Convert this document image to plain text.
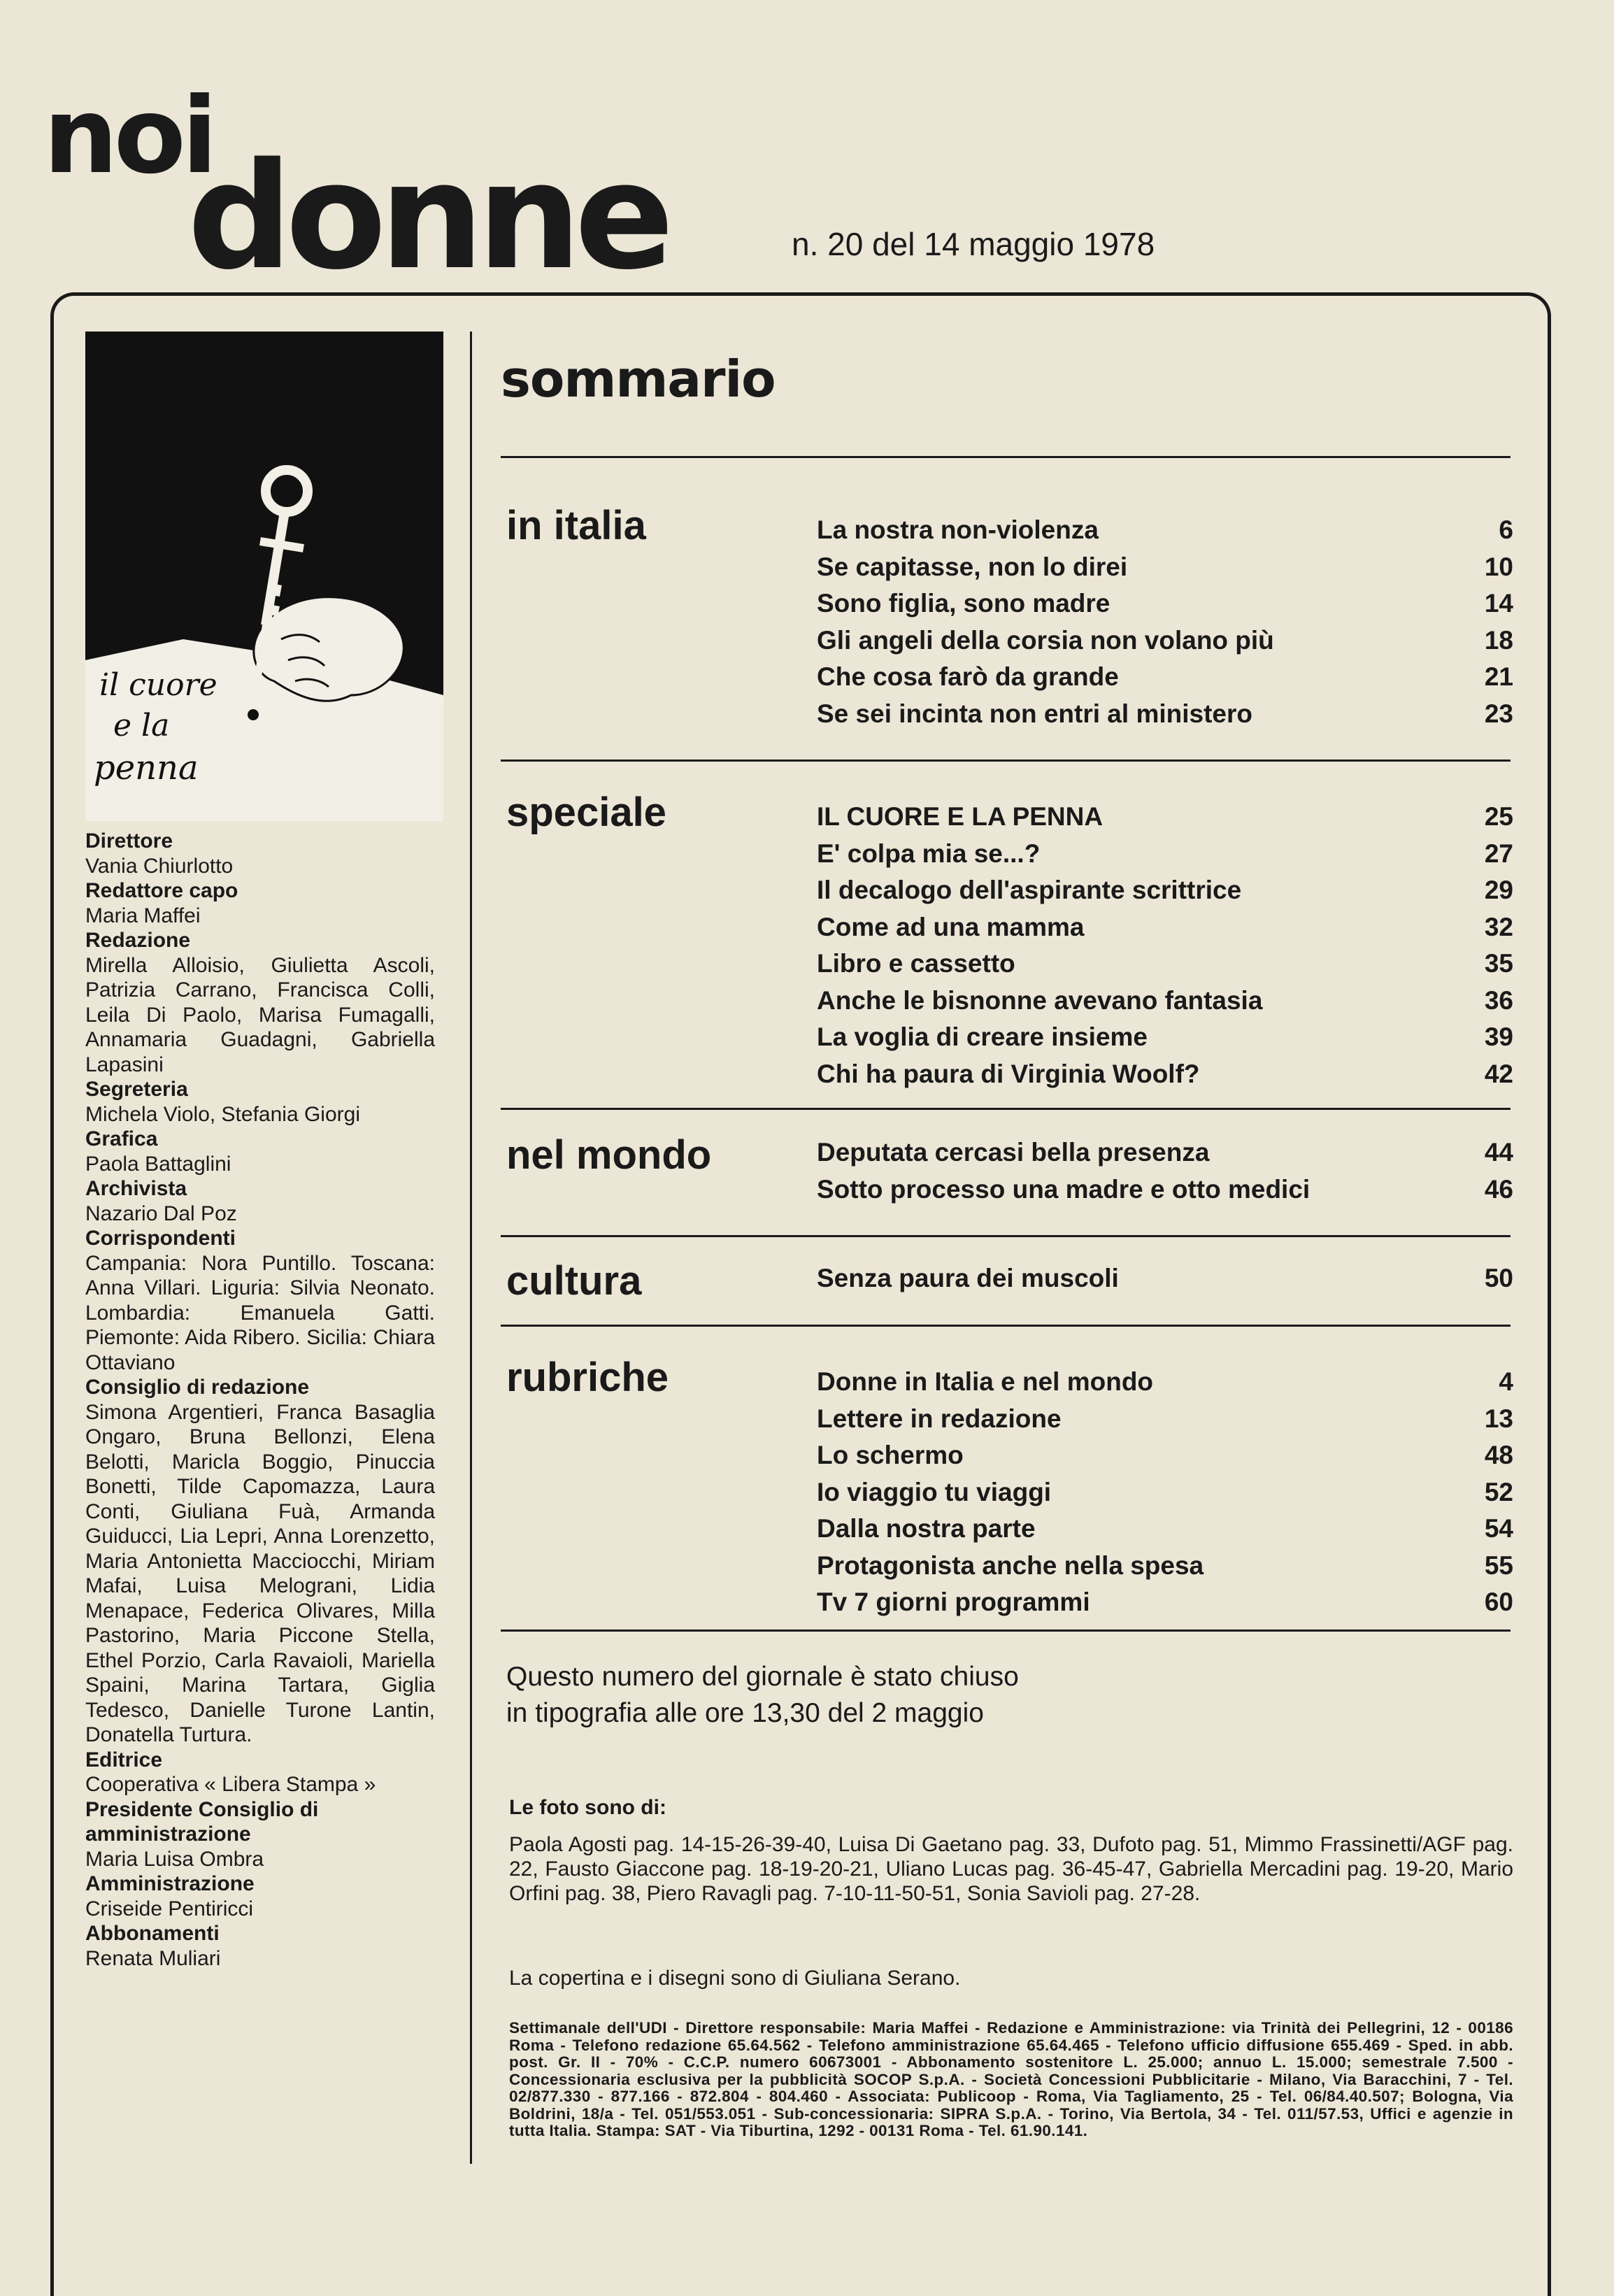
noi
donne	n. 20 del 14 maggio 1978
il cuore
e la
penna
Direttore
Vania Chiurlotto
Redattore capo
Maria Maffei
Redazione
Mirella Alloisio, Giulietta Ascoli, Patrizia Carrano, Francisca Colli, Leila Di Paolo, Marisa Fumagalli, Annamaria Guadagni, Gabriella Lapasini
Segreteria
Michela Violo, Stefania Giorgi
Grafica
Paola Battaglini
Archivista
Nazario Dal Poz
Corrispondenti
Campania: Nora Puntillo. Toscana: Anna Villari. Liguria: Silvia Neonato. Lombardia: Emanuela Gatti. Piemonte: Aida Ribero. Sicilia: Chiara Ottaviano
Consiglio di redazione
Simona Argentieri, Franca Basaglia Ongaro, Bruna Bellonzi, Elena Belotti, Maricla Boggio, Pinuccia Bonetti, Tilde Capomazza, Laura Conti, Giuliana Fuà, Armanda Guiducci, Lia Lepri, Anna Lorenzetto, Maria Antonietta Macciocchi, Miriam Mafai, Luisa Melograni, Lidia Menapace, Federica Olivares, Milla Pastorino, Maria Piccone Stella, Ethel Porzio, Carla Ravaioli, Mariella Spaini, Marina Tartara, Giglia Tedesco, Danielle Turone Lantin, Donatella Turtura.
Editrice
Cooperativa « Libera Stampa »
Presidente Consiglio di amministrazione
Maria Luisa Ombra
Amministrazione
Criseide Pentiricci
Abbonamenti
Renata Muliari
sommario
in italia	La nostra non-violenza	6
Se capitasse, non lo direi	10
Sono figlia, sono madre	14
Gli angeli della corsia non volano più	18
Che cosa farò da grande	21
Se sei incinta non entri al ministero	23
speciale	IL CUORE E LA PENNA	25
E' colpa mia se...?	27
Il decalogo dell'aspirante scrittrice	29
Come ad una mamma	32
Libro e cassetto	35
Anche le bisnonne avevano fantasia	36
La voglia di creare insieme	39
Chi ha paura di Virginia Woolf?	42
nel mondo	Deputata cercasi bella presenza	44
Sotto processo una madre e otto medici	46
cultura	Senza paura dei muscoli	50
rubriche	Donne in Italia e nel mondo	4
Lettere in redazione	13
Lo schermo	48
Io viaggio tu viaggi	52
Dalla nostra parte	54
Protagonista anche nella spesa	55
Tv 7 giorni programmi	60
Questo numero del giornale è stato chiuso
in tipografia alle ore 13,30 del 2 maggio
Le foto sono di:
Paola Agosti pag. 14-15-26-39-40, Luisa Di Gaetano pag. 33, Dufoto pag. 51, Mimmo Frassinetti/AGF pag. 22, Fausto Giaccone pag. 18-19-20-21, Uliano Lucas pag. 36-45-47, Gabriella Mercadini pag. 19-20, Mario Orfini pag. 38, Piero Ravagli pag. 7-10-11-50-51, Sonia Savioli pag. 27-28.
La copertina e i disegni sono di Giuliana Serano.
Settimanale dell'UDI - Direttore responsabile: Maria Maffei - Redazione e Amministrazione: via Trinità dei Pellegrini, 12 - 00186 Roma - Telefono redazione 65.64.562 - Telefono amministrazione 65.64.465 - Telefono ufficio diffusione 655.469 - Sped. in abb. post. Gr. II - 70% - C.C.P. numero 60673001 - Abbonamento sostenitore L. 25.000; annuo L. 15.000; semestrale 7.500 - Concessionaria esclusiva per la pubblicità SOCOP S.p.A. - Società Concessioni Pubblicitarie - Milano, Via Baracchini, 7 - Tel. 02/877.330 - 877.166 - 872.804 - 804.460 - Associata: Publicoop - Roma, Via Tagliamento, 25 - Tel. 06/84.40.507; Bologna, Via Boldrini, 18/a - Tel. 051/553.051 - Sub-concessionaria: SIPRA S.p.A. - Torino, Via Bertola, 34 - Tel. 011/57.53, Uffici e agenzie in tutta Italia. Stampa: SAT - Via Tiburtina, 1292 - 00131 Roma - Tel. 61.90.141.
